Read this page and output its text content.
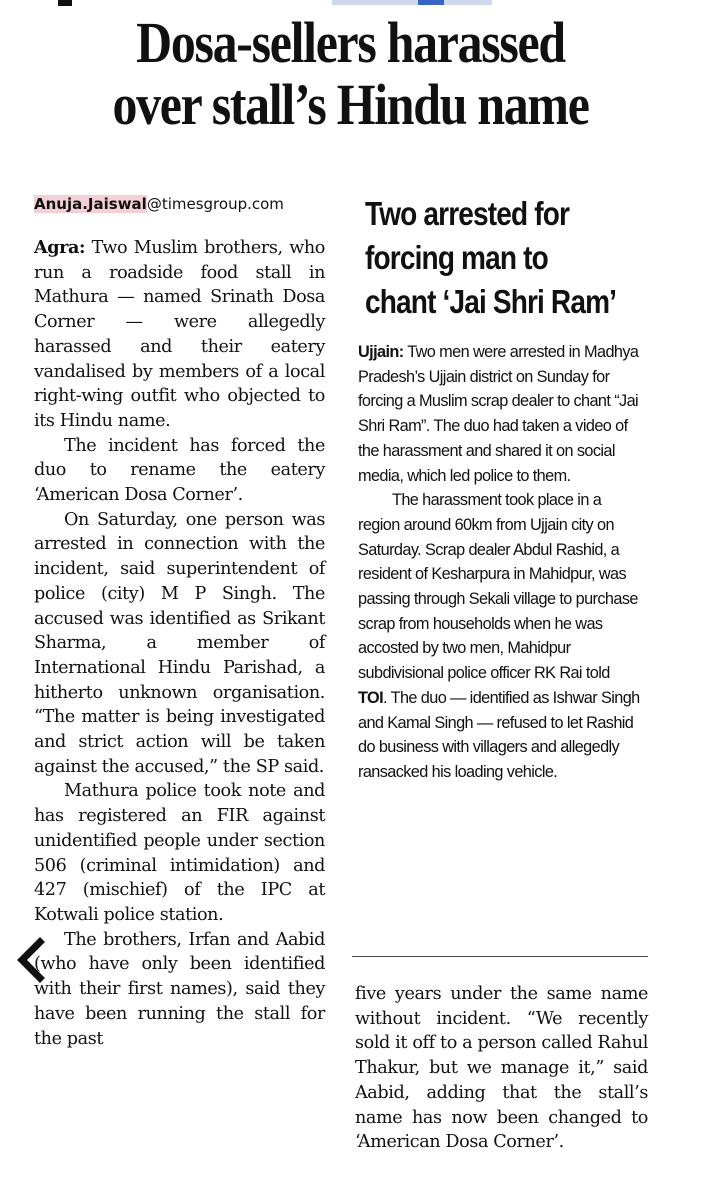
Dosa-sellers harassed
over stall’s Hindu name
Anuja.Jaiswal@timesgroup.com

Agra: Two Muslim brothers, who run a roadside food stall in Mathura — named Srinath Dosa Corner — were allegedly harassed and their eatery vandalised by members of a local right-wing outfit who objected to its Hindu name.

The incident has forced the duo to rename the eatery ‘American Dosa Corner’.

On Saturday, one person was arrested in connection with the incident, said superintendent of police (city) M P Singh. The accused was identified as Srikant Sharma, a member of International Hindu Parishad, a hitherto unknown organisation. “The matter is being investigated and strict action will be taken against the accused,” the SP said.

Mathura police took note and has registered an FIR against unidentified people under section 506 (criminal intimidation) and 427 (mischief) of the IPC at Kotwali police station.

The brothers, Irfan and Aabid (who have only been identified with their first names), said they have been running the stall for the past

Two arrested for
forcing man to
chant ‘Jai Shri Ram’

Ujjain: Two men were arrested in Madhya Pradesh’s Ujjain district on Sunday for forcing a Muslim scrap dealer to chant “Jai Shri Ram”. The duo had taken a video of the harassment and shared it on social media, which led police to them.

The harassment took place in a region around 60km from Ujjain city on Saturday. Scrap dealer Abdul Rashid, a resident of Kesharpura in Mahidpur, was passing through Sekali village to purchase scrap from households when he was accosted by two men, Mahidpur subdivisional police officer RK Rai told TOI. The duo — identified as Ishwar Singh and Kamal Singh — refused to let Rashid do business with villagers and allegedly ransacked his loading vehicle.

five years under the same name without incident. “We recently sold it off to a person called Rahul Thakur, but we manage it,” said Aabid, adding that the stall’s name has now been changed to ‘American Dosa Corner’.
